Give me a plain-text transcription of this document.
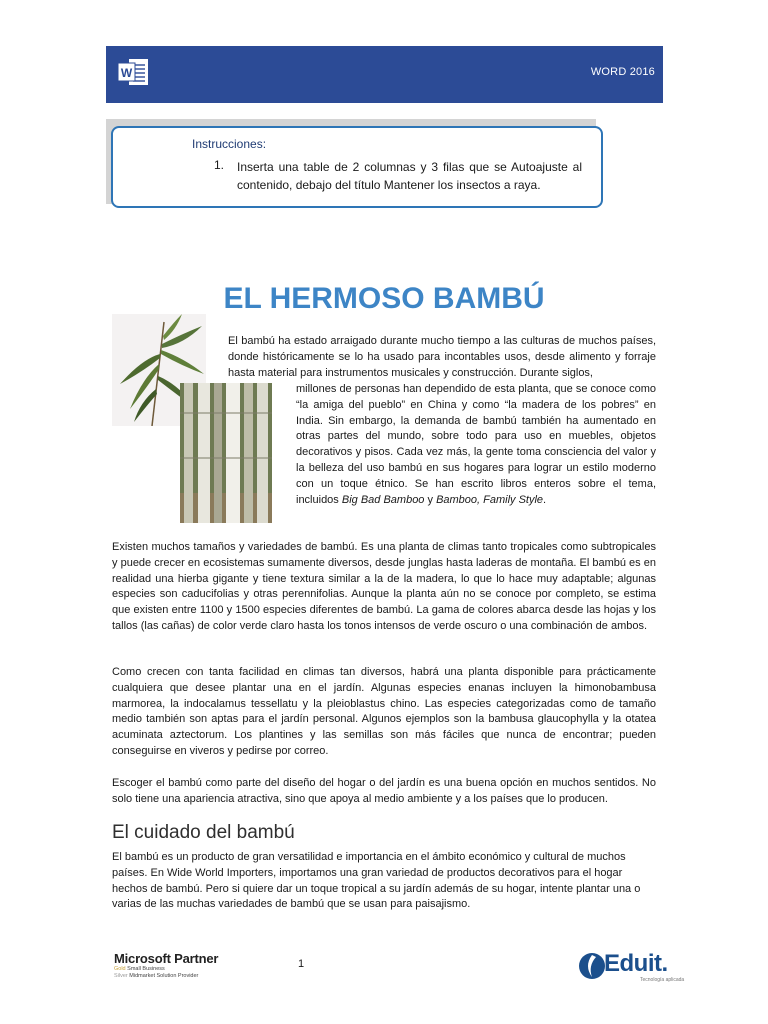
W	WORD 2016
Instrucciones:
1. Inserta una table de 2 columnas y 3 filas que se Autoajuste al contenido, debajo del título Mantener los insectos a raya.
EL HERMOSO BAMBÚ
El bambú ha estado arraigado durante mucho tiempo a las culturas de muchos países, donde históricamente se lo ha usado para incontables usos, desde alimento y forraje hasta material para instrumentos musicales y construcción. Durante siglos,
millones de personas han dependido de esta planta, que se conoce como “la amiga del pueblo” en China y como “la madera de los pobres” en India. Sin embargo, la demanda de bambú también ha aumentado en otras partes del mundo, sobre todo para uso en muebles, objetos decorativos y pisos. Cada vez más, la gente toma consciencia del valor y la belleza del uso bambú en sus hogares para lograr un estilo moderno con un toque étnico. Se han escrito libros enteros sobre el tema, incluidos Big Bad Bamboo y Bamboo, Family Style.
Existen muchos tamaños y variedades de bambú. Es una planta de climas tanto tropicales como subtropicales y puede crecer en ecosistemas sumamente diversos, desde junglas hasta laderas de montaña. El bambú es en realidad una hierba gigante y tiene textura similar a la de la madera, lo que lo hace muy adaptable; algunas especies son caducifolias y otras perennifolias. Aunque la planta aún no se conoce por completo, se estima que existen entre 1100 y 1500 especies diferentes de bambú. La gama de colores abarca desde las hojas y los tallos (las cañas) de color verde claro hasta los tonos intensos de verde oscuro o una combinación de ambos.
Como crecen con tanta facilidad en climas tan diversos, habrá una planta disponible para prácticamente cualquiera que desee plantar una en el jardín. Algunas especies enanas incluyen la himonobambusa marmorea, la indocalamus tessellatu y la pleioblastus chino. Las especies categorizadas como de tamaño medio también son aptas para el jardín personal. Algunos ejemplos son la bambusa glaucophylla y la otatea acuminata aztectorum. Los plantines y las semillas son más fáciles que nunca de encontrar; pueden conseguirse en viveros y pedirse por correo.
Escoger el bambú como parte del diseño del hogar o del jardín es una buena opción en muchos sentidos. No solo tiene una apariencia atractiva, sino que apoya al medio ambiente y a los países que lo producen.
El cuidado del bambú
El bambú es un producto de gran versatilidad e importancia en el ámbito económico y cultural de muchos países. En Wide World Importers, importamos una gran variedad de productos decorativos para el hogar hechos de bambú. Pero si quiere dar un toque tropical a su jardín además de su hogar, intente plantar una o varias de las muchas variedades de bambú que se usan para paisajismo.
Microsoft Partner
Gold Small Business
Silver Midmarket Solution Provider
1	Eduit.
Tecnología aplicada
